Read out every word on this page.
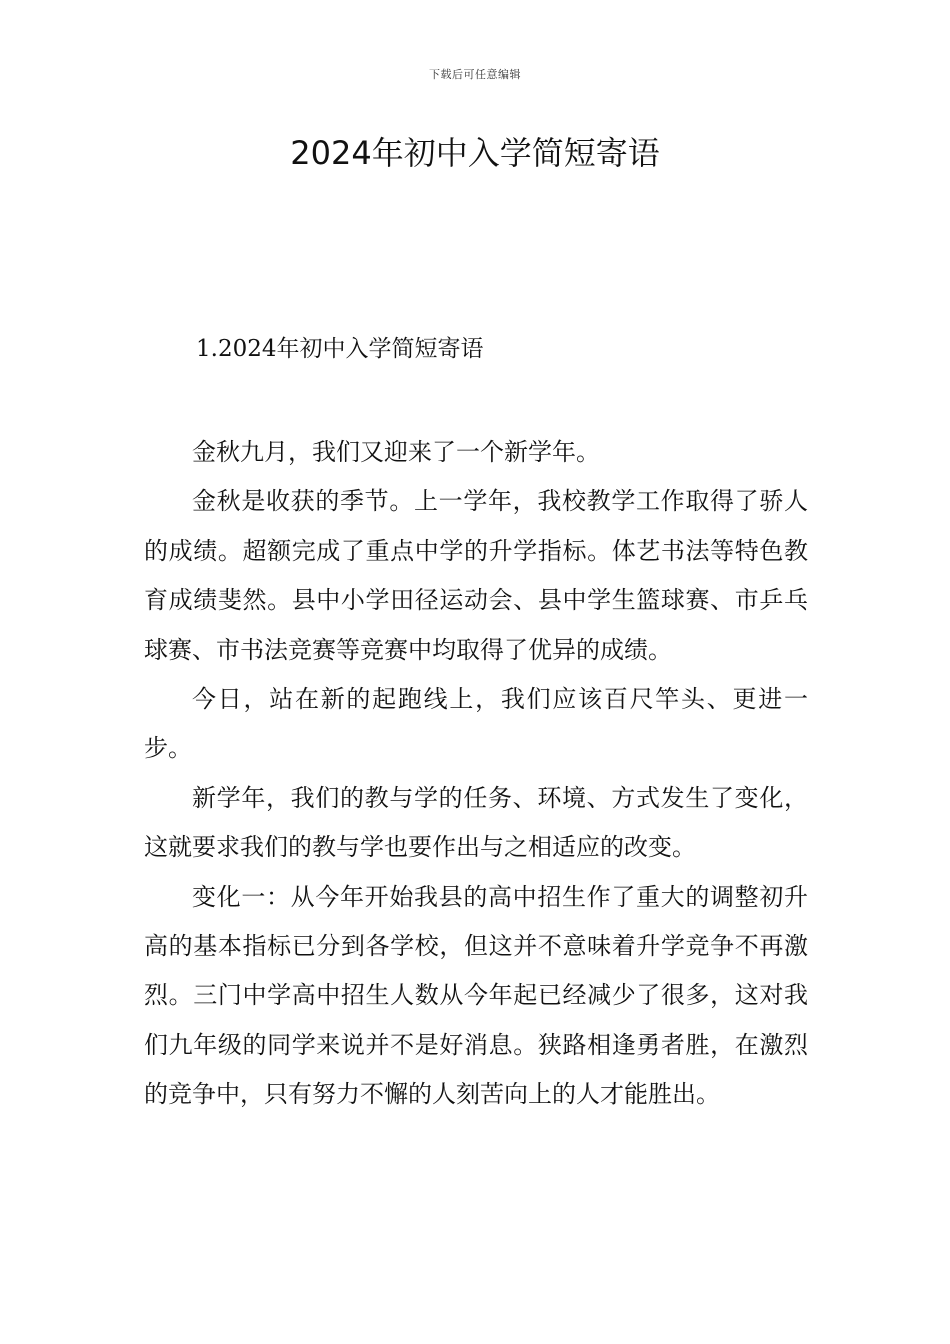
下载后可任意编辑
2024年初中入学简短寄语
1.2024年初中入学简短寄语

金秋九月，我们又迎来了一个新学年。

金秋是收获的季节。上一学年，我校教学工作取得了骄人的成绩。超额完成了重点中学的升学指标。体艺书法等特色教育成绩斐然。县中小学田径运动会、县中学生篮球赛、市乒乓球赛、市书法竞赛等竞赛中均取得了优异的成绩。

今日，站在新的起跑线上，我们应该百尺竿头、更进一步。

新学年，我们的教与学的任务、环境、方式发生了变化，这就要求我们的教与学也要作出与之相适应的改变。

变化一：从今年开始我县的高中招生作了重大的调整初升高的基本指标已分到各学校，但这并不意味着升学竞争不再激烈。三门中学高中招生人数从今年起已经减少了很多，这对我们九年级的同学来说并不是好消息。狭路相逢勇者胜，在激烈的竞争中，只有努力不懈的人刻苦向上的人才能胜出。
